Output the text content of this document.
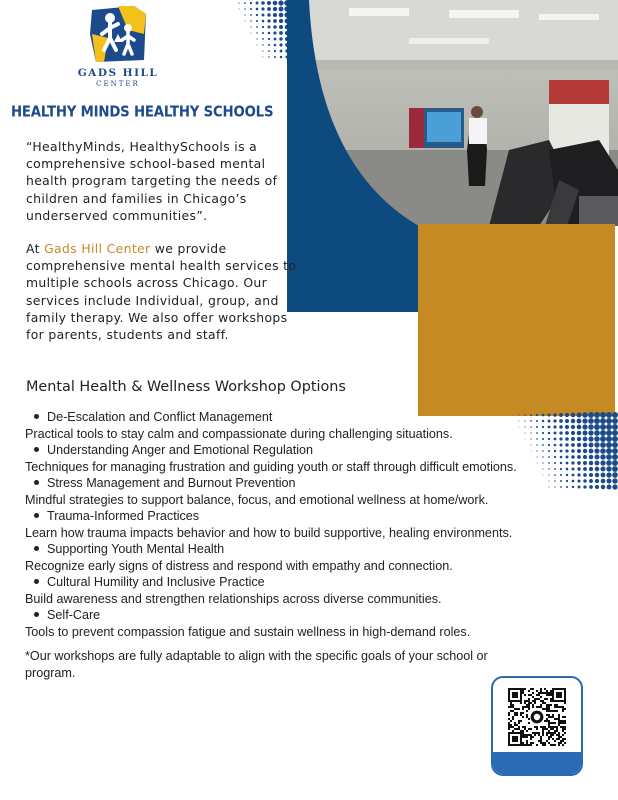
GADS HILL
CENTER
HEALTHY MINDS HEALTHY SCHOOLS
“HealthyMinds, HealthySchools is a comprehensive school-based mental health program targeting the needs of children and families in Chicago’s underserved communities”.
At Gads Hill Center we provide comprehensive mental health services to multiple schools across Chicago. Our services include Individual, group, and family therapy. We also offer workshops for parents, students and staff.
Mental Health & Wellness Workshop Options
De-Escalation and Conflict Management
Practical tools to stay calm and compassionate during challenging situations.
Understanding Anger and Emotional Regulation
Techniques for managing frustration and guiding youth or staff through difficult emotions.
Stress Management and Burnout Prevention
Mindful strategies to support balance, focus, and emotional wellness at home/work.
Trauma-Informed Practices
Learn how trauma impacts behavior and how to build supportive, healing environments.
Supporting Youth Mental Health
Recognize early signs of distress and respond with empathy and connection.
Cultural Humility and Inclusive Practice
Build awareness and strengthen relationships across diverse communities.
Self-Care
Tools to prevent compassion fatigue and sustain wellness in high-demand roles.
*Our workshops are fully adaptable to align with the specific goals of your school or program.
